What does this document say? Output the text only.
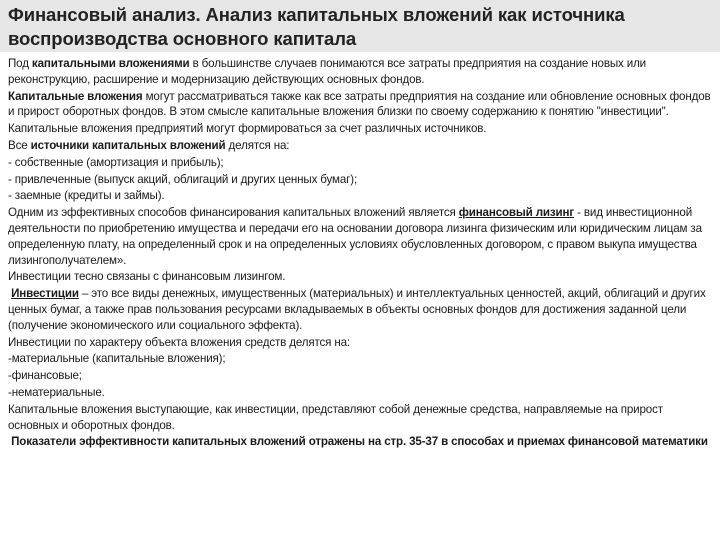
Финансовый анализ. Анализ капитальных вложений как источника воспроизводства основного капитала

Под капитальными вложениями в большинстве случаев понимаются все затраты предприятия на создание новых или реконструкцию, расширение и модернизацию действующих основных фондов.

Капитальные вложения могут рассматриваться также как все затраты предприятия на создание или обновление основных фондов и прирост оборотных фондов. В этом смысле капитальные вложения близки по своему содержанию к понятию "инвестиции".

Капитальные вложения предприятий могут формироваться за счет различных источников.

Все источники капитальных вложений делятся на:

- собственные (амортизация и прибыль);

- привлеченные (выпуск акций, облигаций и других ценных бумаг);

- заемные (кредиты и займы).

Одним из эффективных способов финансирования капитальных вложений является финансовый лизинг - вид инвестиционной деятельности по приобретению имущества и передачи его на основании договора лизинга физическим или юридическим лицам за определенную плату, на определенный срок и на определенных условиях обусловленных договором, с правом выкупа имущества лизингополучателем».

Инвестиции тесно связаны с финансовым лизингом.

Инвестиции – это все виды денежных, имущественных (материальных) и интеллектуальных ценностей, акций, облигаций и других ценных бумаг, а также прав пользования ресурсами вкладываемых в объекты основных фондов для достижения заданной цели (получение экономического или социального эффекта).

Инвестиции по характеру объекта вложения средств делятся на:

-материальные (капитальные вложения);

-финансовые;

-нематериальные.

Капитальные вложения выступающие, как инвестиции, представляют собой денежные средства, направляемые на прирост основных и оборотных фондов.

Показатели эффективности капитальных вложений отражены на стр. 35-37 в способах и приемах финансовой математики
